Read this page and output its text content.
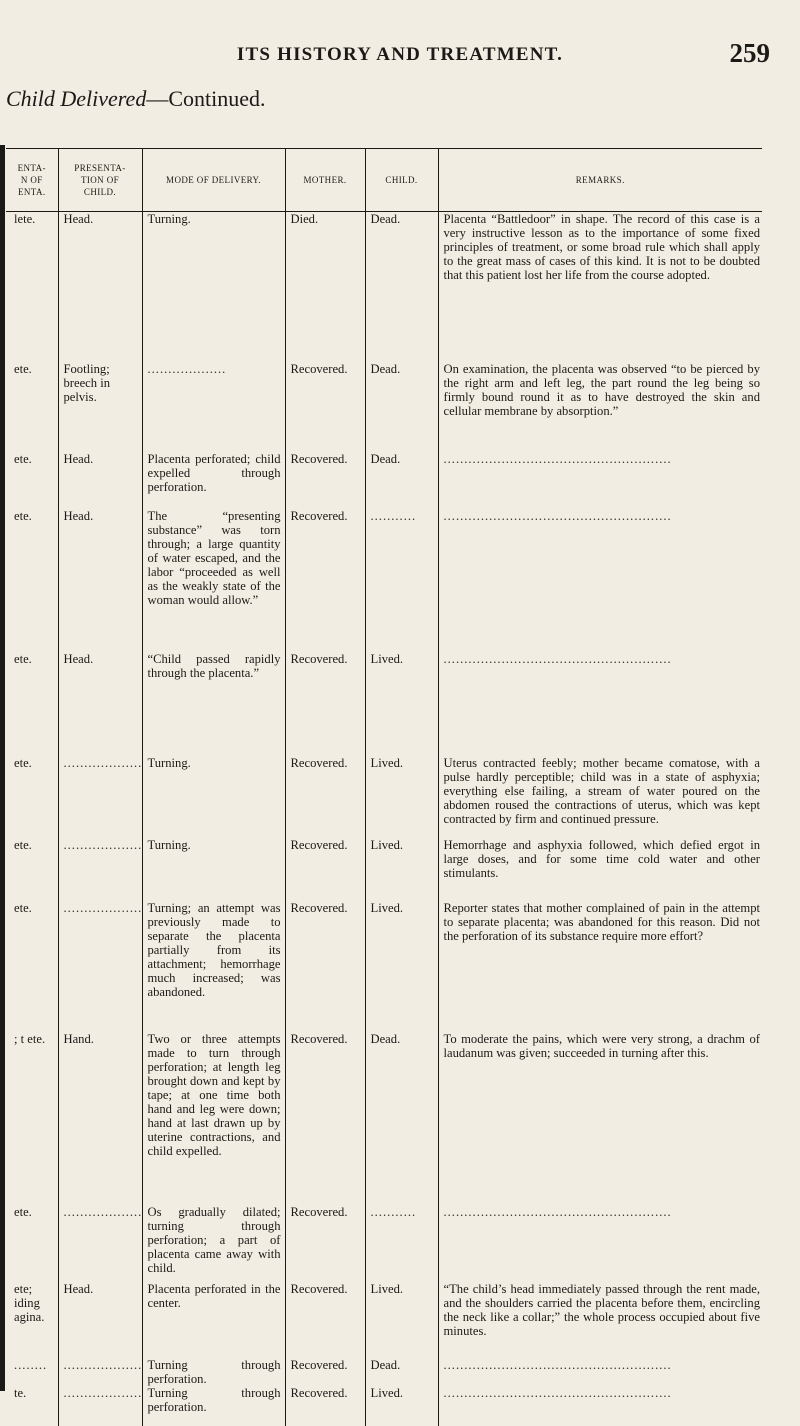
ITS HISTORY AND TREATMENT.	259
Child Delivered—Continued.
ENTA-
N OF
ENTA.	PRESENTA-
TION OF
CHILD.	MODE OF DELIVERY.	MOTHER.	CHILD.	REMARKS.
lete.	Head.	Turning.	Died.	Dead.	Placenta “Battledoor” in shape. The record of this case is a very instructive lesson as to the importance of some fixed principles of treatment, or some broad rule which shall apply to the great mass of cases of this kind. It is not to be doubted that this patient lost her life from the course adopted.
ete.	Footling; breech in pelvis.	...................	Recovered.	Dead.	On examination, the placenta was observed “to be pierced by the right arm and left leg, the part round the leg being so firmly bound round it as to have destroyed the skin and cellular membrane by absorption.”
ete.	Head.	Placenta perforated; child expelled through perforation.	Recovered.	Dead.	.......................................................
ete.	Head.	The “presenting substance” was torn through; a large quantity of water escaped, and the labor “proceeded as well as the weakly state of the woman would allow.”	Recovered.	...........	.......................................................
ete.	Head.	“Child passed rapidly through the placenta.”	Recovered.	Lived.	.......................................................
ete.	...................	Turning.	Recovered.	Lived.	Uterus contracted feebly; mother became comatose, with a pulse hardly perceptible; child was in a state of asphyxia; everything else failing, a stream of water poured on the abdomen roused the contractions of uterus, which was kept contracted by firm and continued pressure.
ete.	...................	Turning.	Recovered.	Lived.	Hemorrhage and asphyxia followed, which defied ergot in large doses, and for some time cold water and other stimulants.
ete.	...................	Turning; an attempt was previously made to separate the placenta partially from its attachment; hemorrhage much increased; was abandoned.	Recovered.	Lived.	Reporter states that mother complained of pain in the attempt to separate placenta; was abandoned for this reason. Did not the perforation of its substance require more effort?
; t ete.	Hand.	Two or three attempts made to turn through perforation; at length leg brought down and kept by tape; at one time both hand and leg were down; hand at last drawn up by uterine contractions, and child expelled.	Recovered.	Dead.	To moderate the pains, which were very strong, a drachm of laudanum was given; succeeded in turning after this.
ete.	...................	Os gradually dilated; turning through perforation; a part of placenta came away with child.	Recovered.	...........	.......................................................
ete; iding agina.	Head.	Placenta perforated in the center.	Recovered.	Lived.	“The child’s head immediately passed through the rent made, and the shoulders carried the placenta before them, encircling the neck like a collar;” the whole process occupied about five minutes.
........	...................	Turning through perforation.	Recovered.	Dead.	.......................................................
te.	...................	Turning through perforation.	Recovered.	Lived.	.......................................................
